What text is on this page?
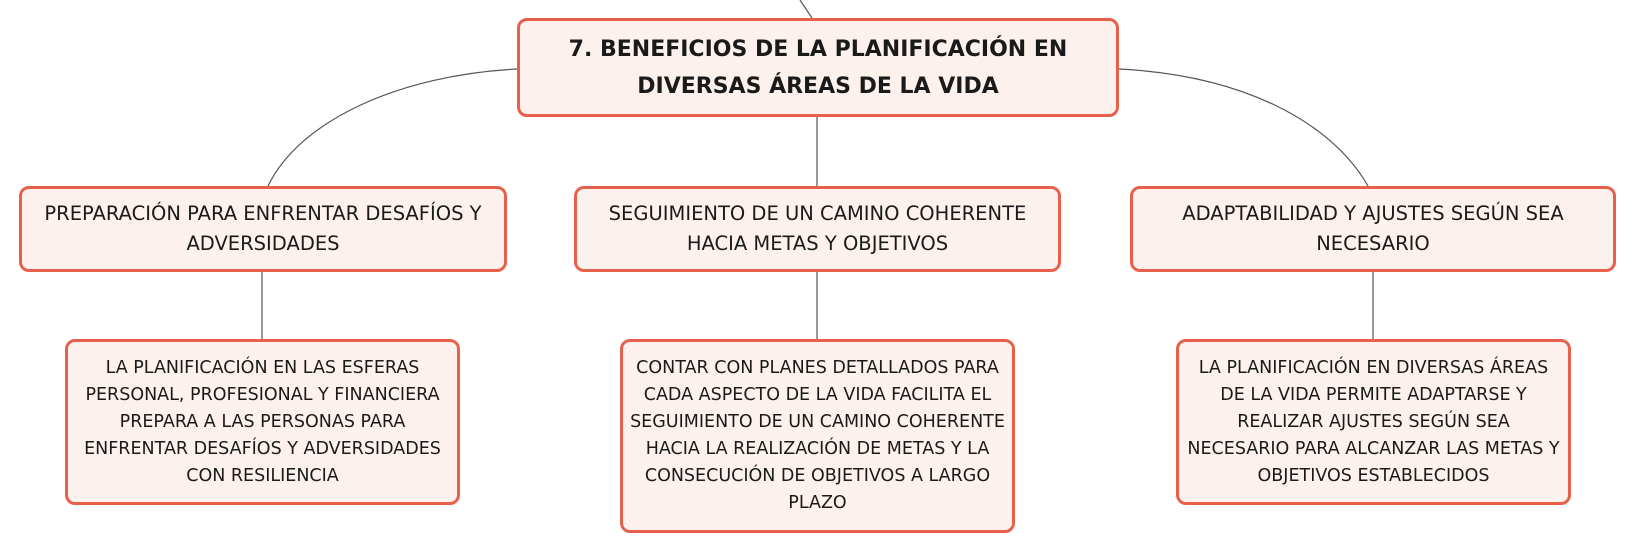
7. BENEFICIOS DE LA PLANIFICACIÓN EN DIVERSAS ÁREAS DE LA VIDA
PREPARACIÓN PARA ENFRENTAR DESAFÍOS Y ADVERSIDADES
SEGUIMIENTO DE UN CAMINO COHERENTE HACIA METAS Y OBJETIVOS
ADAPTABILIDAD Y AJUSTES SEGÚN SEA NECESARIO
LA PLANIFICACIÓN EN LAS ESFERAS PERSONAL, PROFESIONAL Y FINANCIERA PREPARA A LAS PERSONAS PARA ENFRENTAR DESAFÍOS Y ADVERSIDADES CON RESILIENCIA
CONTAR CON PLANES DETALLADOS PARA CADA ASPECTO DE LA VIDA FACILITA EL SEGUIMIENTO DE UN CAMINO COHERENTE HACIA LA REALIZACIÓN DE METAS Y LA CONSECUCIÓN DE OBJETIVOS A LARGO PLAZO
LA PLANIFICACIÓN EN DIVERSAS ÁREAS DE LA VIDA PERMITE ADAPTARSE Y REALIZAR AJUSTES SEGÚN SEA NECESARIO PARA ALCANZAR LAS METAS Y OBJETIVOS ESTABLECIDOS
